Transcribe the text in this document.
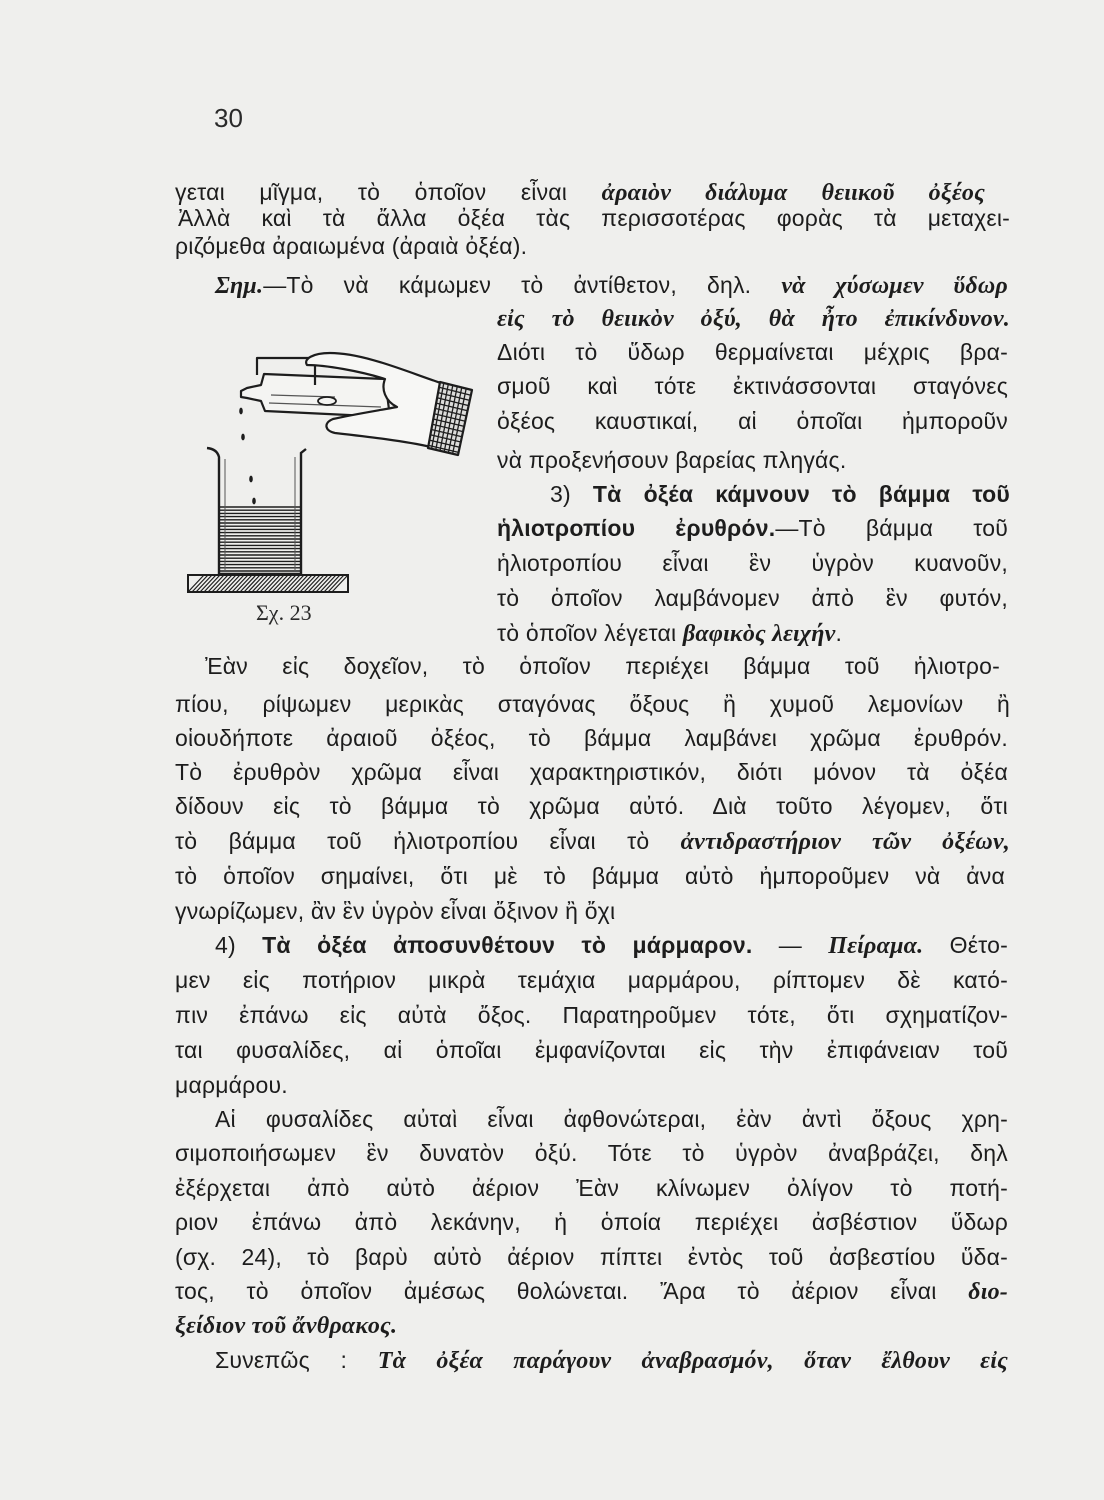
30
Σχ. 23
γεται μῖγμα, τὸ ὁποῖον εἶναι ἀραιὸν διάλυμα θειικοῦ ὀξέος
Ἀλλὰ καὶ τὰ ἄλλα ὀξέα τὰς περισσοτέρας φορὰς τὰ μεταχει-
ριζόμεθα ἀραιωμένα (ἀραιὰ ὀξέα).
Σημ.—Τὸ νὰ κάμωμεν τὸ ἀντίθετον, δηλ. νὰ χύσωμεν ὕδωρ
εἰς τὸ θειικὸν ὀξύ, θὰ ἦτο ἐπικίνδυνον.
Διότι τὸ ὕδωρ θερμαίνεται μέχρις βρα-
σμοῦ καὶ τότε ἐκτινάσσονται σταγόνες
ὀξέος καυστικαί, αἱ ὁποῖαι ἠμποροῦν
νὰ προξενήσουν βαρείας πληγάς.
3) Τὰ ὀξέα κάμνουν τὸ βάμμα τοῦ
ἡλιοτροπίου ἐρυθρόν.—Τὸ βάμμα τοῦ
ἡλιοτροπίου εἶναι ἓν ὑγρὸν κυανοῦν,
τὸ ὁποῖον λαμβάνομεν ἀπὸ ἓν φυτόν,
τὸ ὁποῖον λέγεται βαφικὸς λειχήν.
Ἐὰν εἰς δοχεῖον, τὸ ὁποῖον περιέχει βάμμα τοῦ ἡλιοτρο-
πίου, ρίψωμεν μερικὰς σταγόνας ὄξους ἢ χυμοῦ λεμονίων ἢ
οἱουδήποτε ἀραιοῦ ὀξέος, τὸ βάμμα λαμβάνει χρῶμα ἐρυθρόν.
Τὸ ἐρυθρὸν χρῶμα εἶναι χαρακτηριστικόν, διότι μόνον τὰ ὀξέα
δίδουν εἰς τὸ βάμμα τὸ χρῶμα αὐτό. Διὰ τοῦτο λέγομεν, ὅτι
τὸ βάμμα τοῦ ἡλιοτροπίου εἶναι τὸ ἀντιδραστήριον τῶν ὀξέων,
τὸ ὁποῖον σημαίνει, ὅτι μὲ τὸ βάμμα αὐτὸ ἠμποροῦμεν νὰ ἀνα
γνωρίζωμεν, ἂν ἓν ὑγρὸν εἶναι ὄξινον ἢ ὄχι
4) Τὰ ὀξέα ἀποσυνθέτουν τὸ μάρμαρον. — Πείραμα. Θέτο-
μεν εἰς ποτήριον μικρὰ τεμάχια μαρμάρου, ρίπτομεν δὲ κατό-
πιν ἐπάνω εἰς αὐτὰ ὄξος. Παρατηροῦμεν τότε, ὅτι σχηματίζον-
ται φυσαλίδες, αἱ ὁποῖαι ἐμφανίζονται εἰς τὴν ἐπιφάνειαν τοῦ
μαρμάρου.
Αἱ φυσαλίδες αὐταὶ εἶναι ἀφθονώτεραι, ἐὰν ἀντὶ ὄξους χρη-
σιμοποιήσωμεν ἓν δυνατὸν ὀξύ. Τότε τὸ ὑγρὸν ἀναβράζει, δηλ
ἐξέρχεται ἀπὸ αὐτὸ ἀέριον Ἐὰν κλίνωμεν ὀλίγον τὸ ποτή-
ριον ἐπάνω ἀπὸ λεκάνην, ἡ ὁποία περιέχει ἀσβέστιον ὕδωρ
(σχ. 24), τὸ βαρὺ αὐτὸ ἀέριον πίπτει ἐντὸς τοῦ ἀσβεστίου ὕδα-
τος, τὸ ὁποῖον ἀμέσως θολώνεται. Ἄρα τὸ ἀέριον εἶναι διο-
ξείδιον τοῦ ἄνθρακος.
Συνεπῶς : Τὰ ὀξέα παράγουν ἀναβρασμόν, ὅταν ἔλθουν εἰς
